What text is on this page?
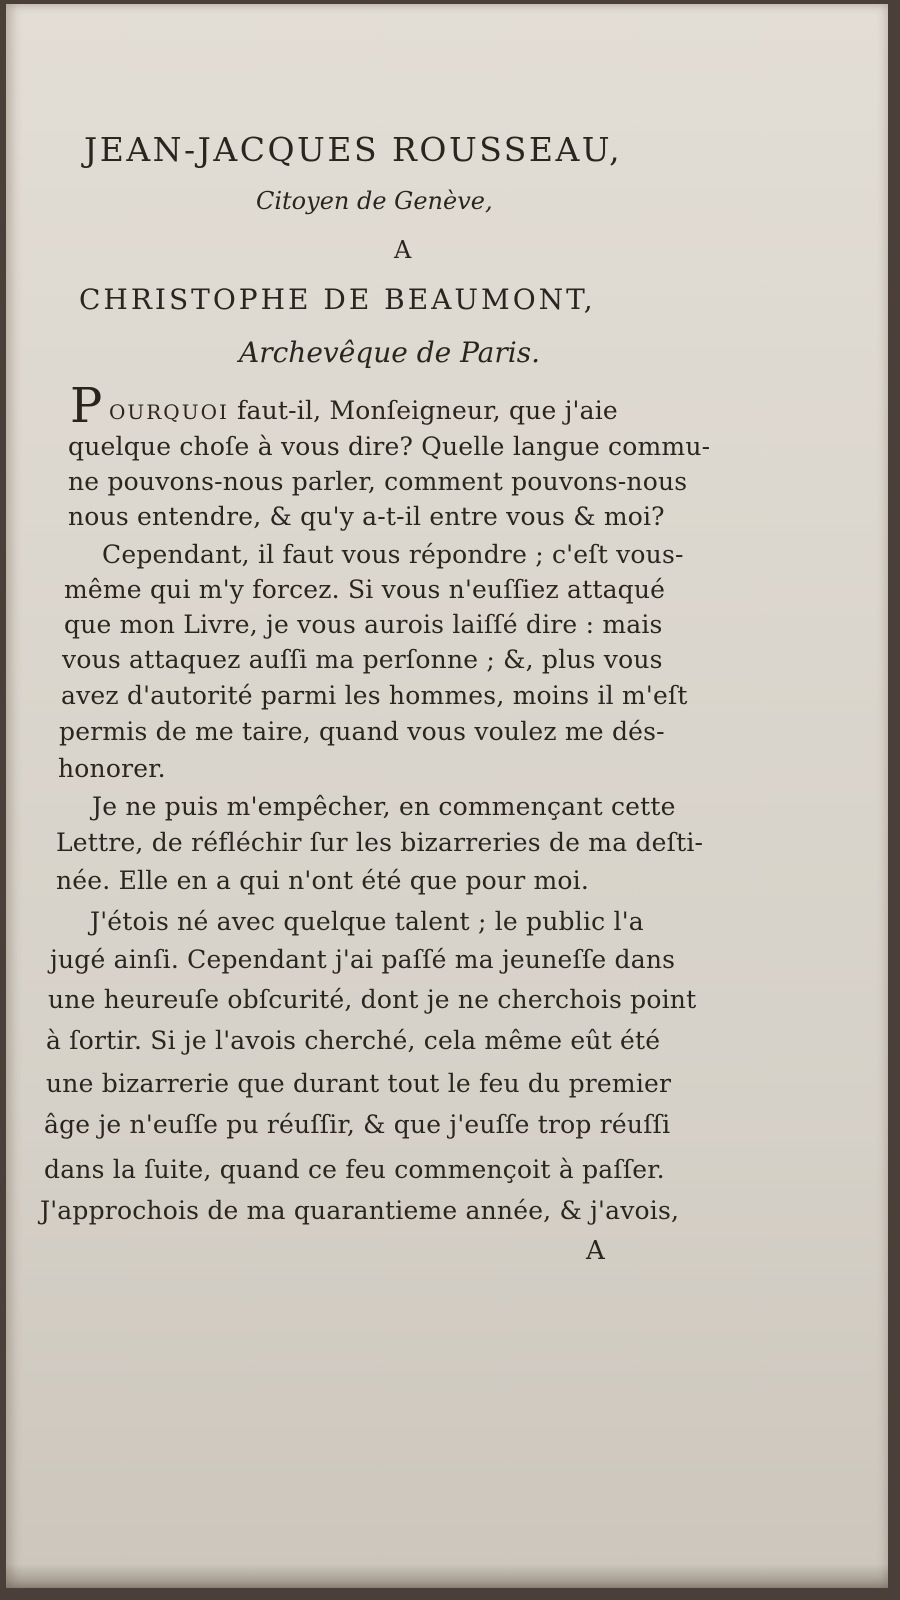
JEAN-JACQUES ROUSSEAU,

Citoyen de Genève,

A

CHRISTOPHE DE BEAUMONT,

Archevêque de Paris.

P OURQUOI faut-il, Monſeigneur, que j'aie

quelque choſe à vous dire? Quelle langue commu-

ne pouvons-nous parler, comment pouvons-nous

nous entendre, & qu'y a-t-il entre vous & moi?

Cependant, il faut vous répondre ; c'eſt vous-

même qui m'y forcez. Si vous n'euſſiez attaqué

que mon Livre, je vous aurois laiſſé dire : mais

vous attaquez auſſi ma perſonne ; &, plus vous

avez d'autorité parmi les hommes, moins il m'eſt

permis de me taire, quand vous voulez me dés-

honorer.

Je ne puis m'empêcher, en commençant cette

Lettre, de réfléchir ſur les bizarreries de ma deſti-

née. Elle en a qui n'ont été que pour moi.

J'étois né avec quelque talent ; le public l'a

jugé ainſi. Cependant j'ai paſſé ma jeuneſſe dans

une heureuſe obſcurité, dont je ne cherchois point

à ſortir. Si je l'avois cherché, cela même eût été

une bizarrerie que durant tout le feu du premier

âge je n'euſſe pu réuſſir, & que j'euſſe trop réuſſi

dans la ſuite, quand ce feu commençoit à paſſer.

J'approchois de ma quarantieme année, & j'avois,

A
